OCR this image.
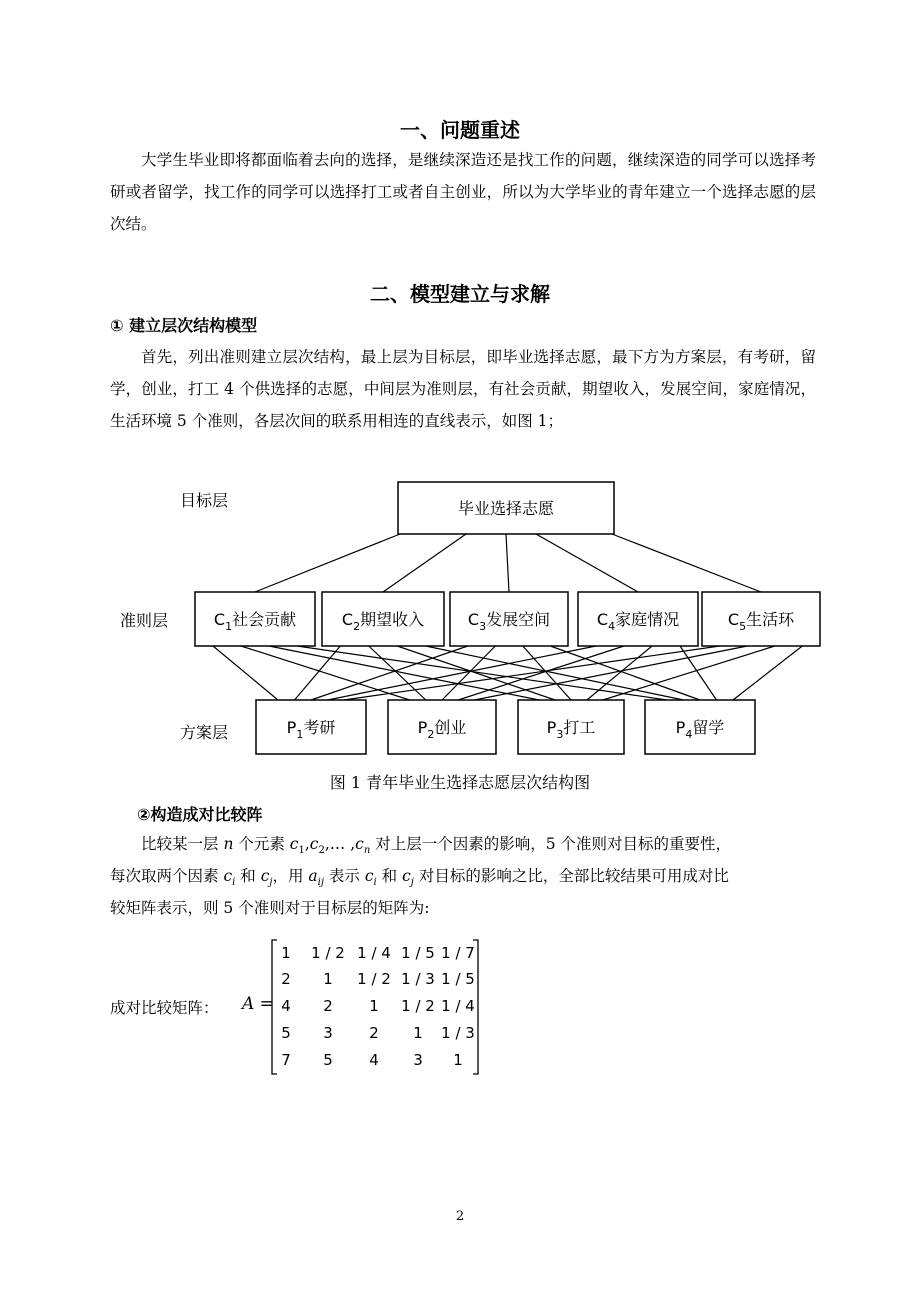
一、问题重述

大学生毕业即将都面临着去向的选择，是继续深造还是找工作的问题，继续深造的同学可以选择考研或者留学，找工作的同学可以选择打工或者自主创业，所以为大学毕业的青年建立一个选择志愿的层次结。

二、模型建立与求解
① 建立层次结构模型

首先，列出准则建立层次结构，最上层为目标层，即毕业选择志愿，最下方为方案层，有考研，留学，创业，打工 4 个供选择的志愿，中间层为准则层，有社会贡献，期望收入，发展空间，家庭情况，生活环境 5 个准则，各层次间的联系用相连的直线表示，如图 1；

毕业选择志愿
$C_1$社会贡献	$C_2$期望收入	$C_3$发展空间	$C_4$家庭情况	$C_5$生活环
$P_1$考研	$P_2$创业	$P_3$打工	$P_4$留学
目标层
准则层
方案层
图 1 青年毕业生选择志愿层次结构图
②构造成对比较阵
比较某一层 n 个元素 $c_1,c_2,\dots$ $,c_n$ 对上层一个因素的影响，5 个准则对目标的重要性，
每次取两个因素 $c_i$ 和 $c_j$，用 $a_{ij}$ 表示 $c_i$ 和 $c_j$ 对目标的影响之比，全部比较结果可用成对比
较矩阵表示，则 5 个准则对于目标层的矩阵为:
成对比较矩阵： A =
1 1 / 2 1 / 4 1 / 5 1 / 7
2 1 1 / 2 1 / 3 1 / 5
4 2 1 1 / 2 1 / 4
5 3 2 1 1 / 3
7 5 4 3 1
2
